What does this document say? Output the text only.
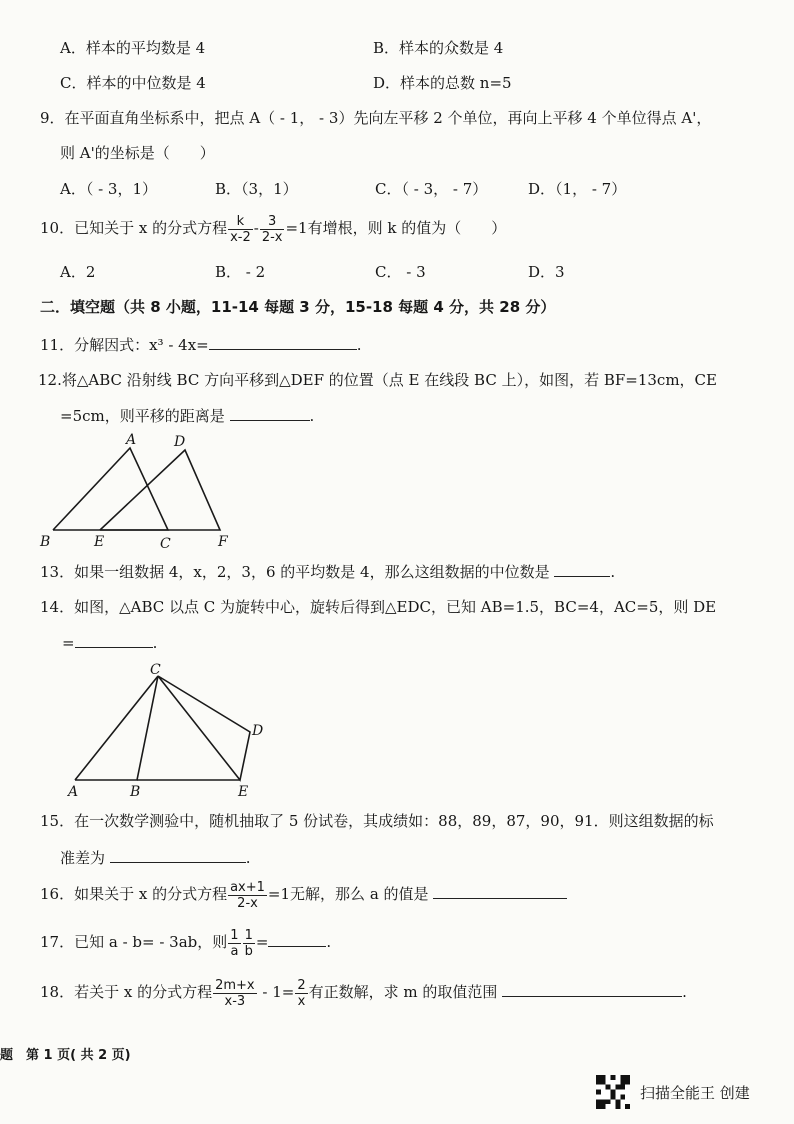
A．样本的平均数是 4	B．样本的众数是 4
C．样本的中位数是 4	D．样本的总数 n=5
9．在平面直角坐标系中，把点 A（ - 1， - 3）先向左平移 2 个单位，再向上平移 4 个单位得点 A'，
则 A'的坐标是（　　）
A．（ - 3，1）	B．（3，1）	C．（ - 3， - 7）	D．（1， - 7）
10．已知关于 x 的分式方程 $\frac{k}{x-2} - \frac{3}{2-x} =1$有增根，则 k 的值为（　　）
A．2	B． - 2	C． - 3	D．3
二．填空题（共 8 小题，11-14 每题 3 分，15-18 每题 4 分，共 28 分）
11．分解因式：x³ - 4x=	.
12.将△ABC 沿射线 BC 方向平移到△DEF 的位置（点 E 在线段 BC 上），如图，若 BF=13cm，CE
=5cm，则平移的距离是	.
A	D
B	E	C	F
13．如果一组数据 4，x，2，3，6 的平均数是 4，那么这组数据的中位数是	.
14．如图，△ABC 以点 C 为旋转中心，旋转后得到△EDC，已知 AB=1.5，BC=4，AC=5，则 DE
=	.
C
D
A	B	E
15．在一次数学测验中，随机抽取了 5 份试卷，其成绩如：88，89，87，90，91．则这组数据的标
准差为	.
16．如果关于 x 的分式方程 $\frac{ax+1}{2-x} =1$无解，那么 a 的值是
17．已知 a - b= - 3ab，则 $\frac{1}{a} \frac{1}{b}$ =	.
18．若关于 x 的分式方程 $\frac{2m+x}{x-3} - 1= \frac{2}{x}$ 有正数解，求 m 的取值范围	.
题　第 1 页( 共 2 页)
扫描全能王 创建
